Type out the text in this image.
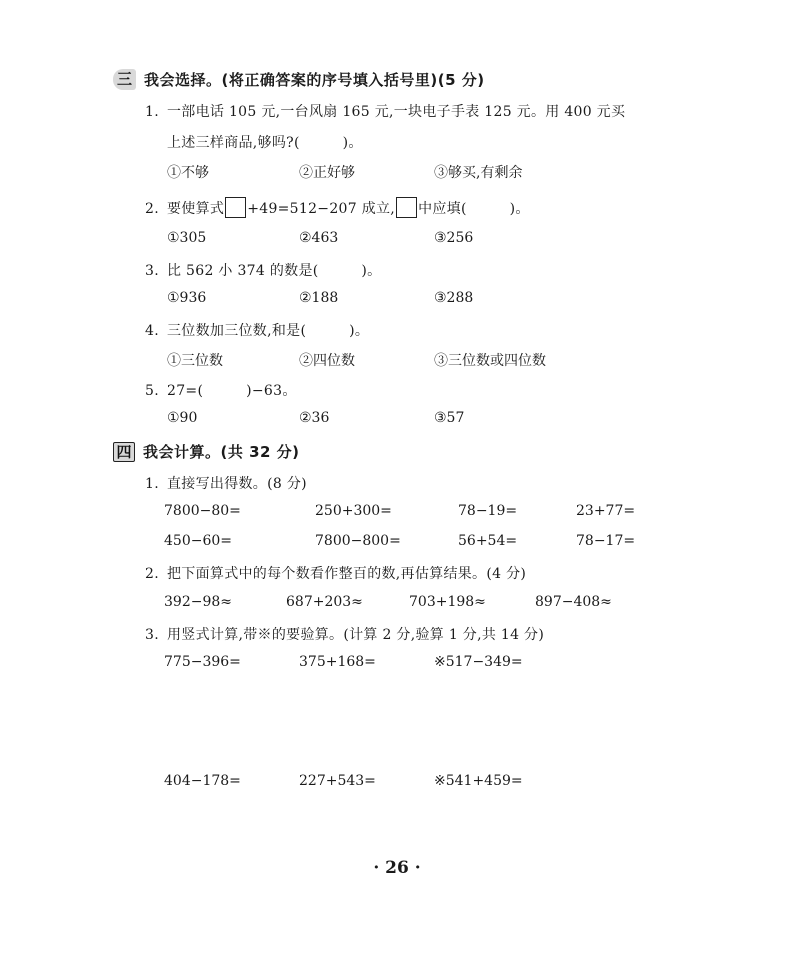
三 我会选择。(将正确答案的序号填入括号里)(5 分)
1. 一部电话 105 元,一台风扇 165 元,一块电子手表 125 元。用 400 元买
上述三样商品,够吗?(　　　)。
①不够	②正好够	③够买,有剩余
2. 要使算式 +49=512−207 成立, 中应填(　　　)。
①305	②463	③256
3. 比 562 小 374 的数是(　　　)。
①936	②188	③288
4. 三位数加三位数,和是(　　　)。
①三位数	②四位数	③三位数或四位数
5. 27=(　　　)−63。
①90	②36	③57
四 我会计算。(共 32 分)
1. 直接写出得数。(8 分)
7800−80=	250+300=	78−19=	23+77=
450−60=	7800−800=	56+54=	78−17=
2. 把下面算式中的每个数看作整百的数,再估算结果。(4 分)
392−98≈	687+203≈	703+198≈	897−408≈
3. 用竖式计算,带※的要验算。(计算 2 分,验算 1 分,共 14 分)
775−396=	375+168=	※517−349=
404−178=	227+543=	※541+459=
· 26 ·
